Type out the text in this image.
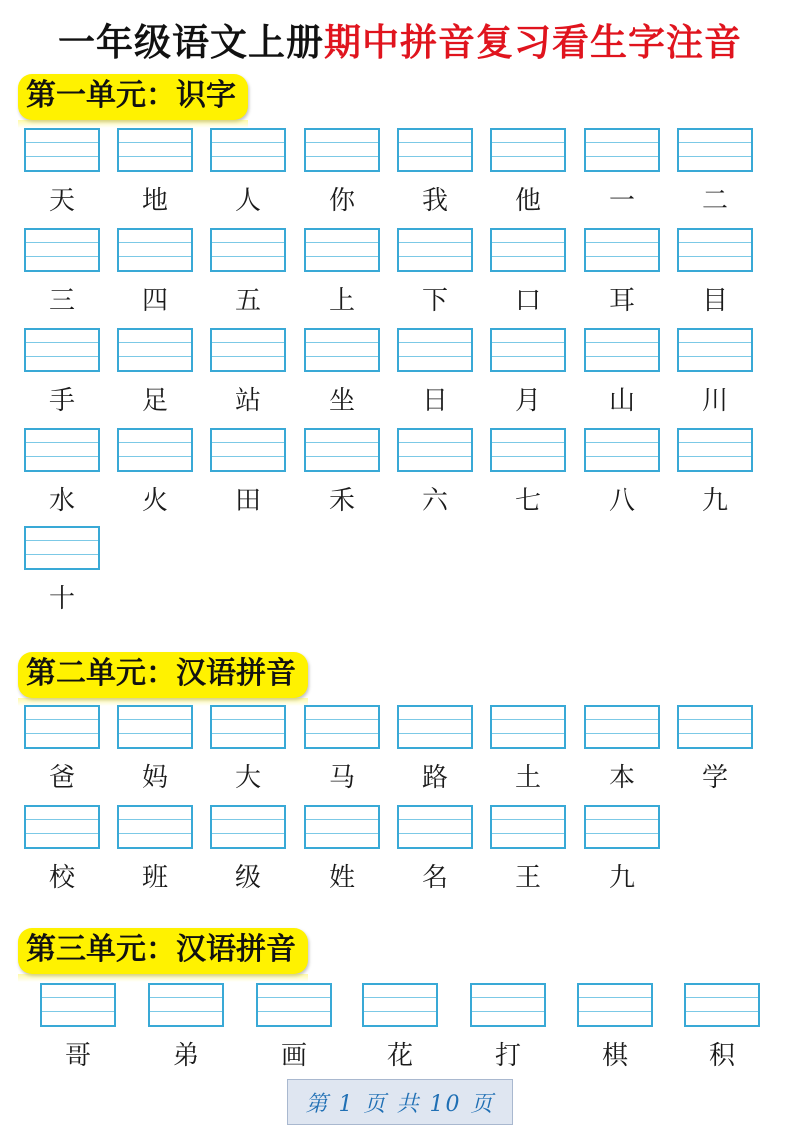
一年级语文上册期中拼音复习看生字注音
第一单元：识字
第二单元：汉语拼音
第三单元：汉语拼音
天	地	人	你	我	他	一	二
三	四	五	上	下	口	耳	目
手	足	站	坐	日	月	山	川
水	火	田	禾	六	七	八	九
十
爸	妈	大	马	路	土	本	学
校	班	级	姓	名	王	九
哥	弟	画	花	打	棋	积
第 1 页 共 10 页
